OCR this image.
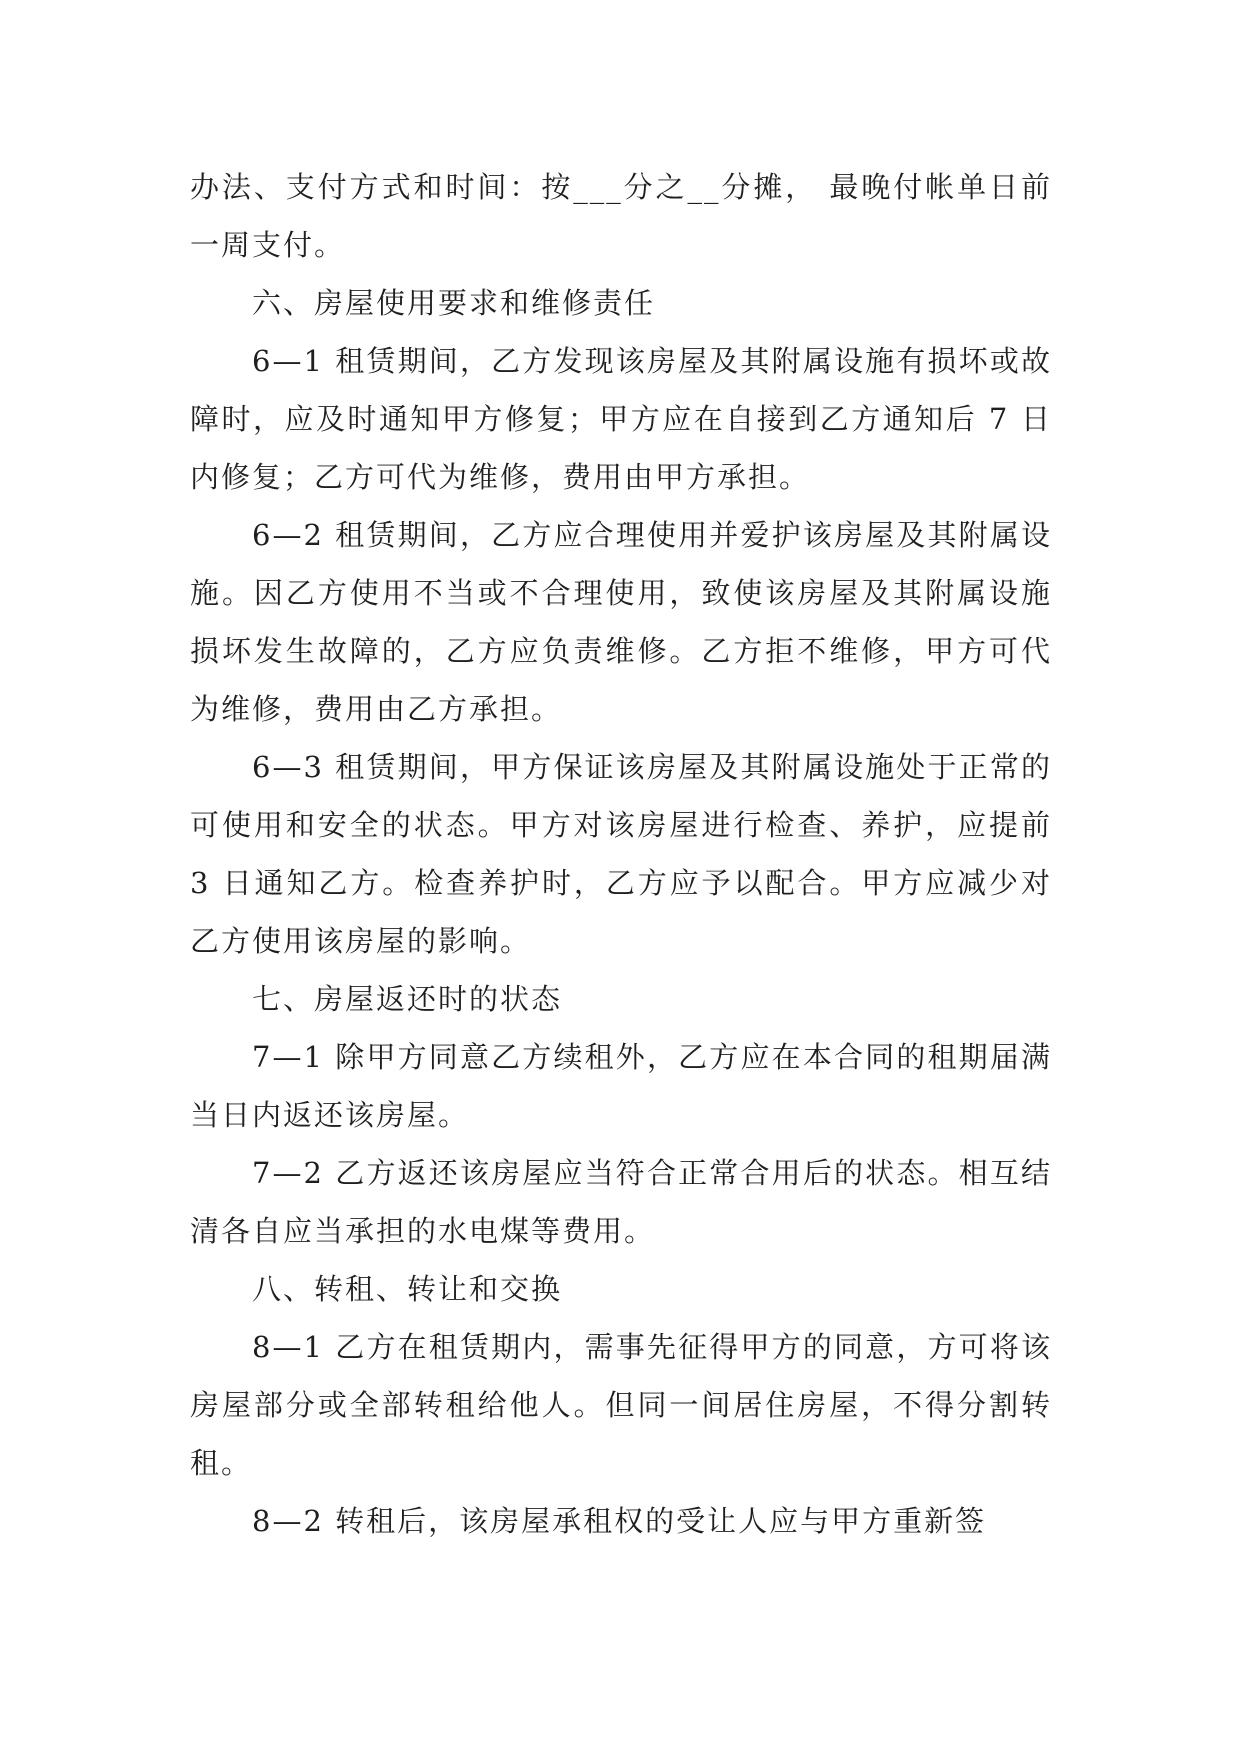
办法、支付方式和时间：按___分之__分摊， 最晚付帐单日前一周支付。

六、房屋使用要求和维修责任

6—1 租赁期间，乙方发现该房屋及其附属设施有损坏或故障时，应及时通知甲方修复；甲方应在自接到乙方通知后 7 日内修复；乙方可代为维修，费用由甲方承担。

6—2 租赁期间，乙方应合理使用并爱护该房屋及其附属设施。因乙方使用不当或不合理使用，致使该房屋及其附属设施损坏发生故障的，乙方应负责维修。乙方拒不维修，甲方可代为维修，费用由乙方承担。

6—3 租赁期间，甲方保证该房屋及其附属设施处于正常的可使用和安全的状态。甲方对该房屋进行检查、养护，应提前 3 日通知乙方。检查养护时，乙方应予以配合。甲方应减少对乙方使用该房屋的影响。

七、房屋返还时的状态

7—1 除甲方同意乙方续租外，乙方应在本合同的租期届满当日内返还该房屋。

7—2 乙方返还该房屋应当符合正常合用后的状态。相互结清各自应当承担的水电煤等费用。

八、转租、转让和交换

8—1 乙方在租赁期内，需事先征得甲方的同意，方可将该房屋部分或全部转租给他人。但同一间居住房屋，不得分割转租。

8—2 转租后，该房屋承租权的受让人应与甲方重新签
